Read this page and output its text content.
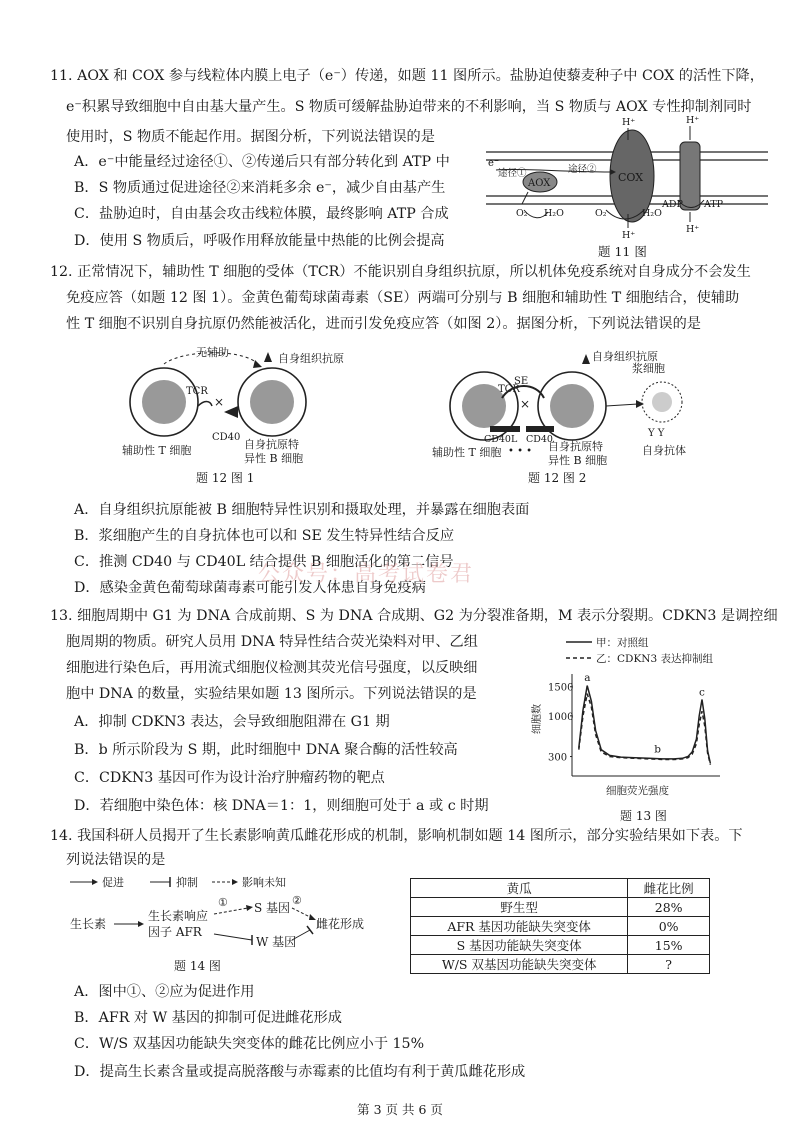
11. AOX 和 COX 参与线粒体内膜上电子（e⁻）传递，如题 11 图所示。盐胁迫使藜麦种子中 COX 的活性下降，
e⁻积累导致细胞中自由基大量产生。S 物质可缓解盐胁迫带来的不利影响，当 S 物质与 AOX 专性抑制剂同时
使用时，S 物质不能起作用。据图分析，下列说法错误的是
A．e⁻中能量经过途径①、②传递后只有部分转化到 ATP 中
B．S 物质通过促进途径②来消耗多余 e⁻，减少自由基产生
C．盐胁迫时，自由基会攻击线粒体膜，最终影响 ATP 合成
D．使用 S 物质后，呼吸作用释放能量中热能的比例会提高
COX
AOX
e⁻
途径①	途径②
O₂ H₂O	O₂	H₂O
ADP ATP
H⁺	H⁺
H⁺
H⁺
题 11 图
12. 正常情况下，辅助性 T 细胞的受体（TCR）不能识别自身组织抗原，所以机体免疫系统对自身成分不会发生
免疫应答（如题 12 图 1）。金黄色葡萄球菌毒素（SE）两端可分别与 B 细胞和辅助性 T 细胞结合，使辅助
性 T 细胞不识别自身抗原仍然能被活化，进而引发免疫应答（如图 2）。据图分析，下列说法错误的是
无辅助	自身组织抗原
TCR
×
CD40
辅助性 T 细胞	自身抗原特
异性 B 细胞
题 12 图 1
自身组织抗原
TCR
SE
×
CD40L CD40
• • •
浆细胞
Y Y
辅助性 T 细胞	自身抗原特
异性 B 细胞
自身抗体
题 12 图 2
A．自身组织抗原能被 B 细胞特异性识别和摄取处理，并暴露在细胞表面
B．浆细胞产生的自身抗体也可以和 SE 发生特异性结合反应
C．推测 CD40 与 CD40L 结合提供 B 细胞活化的第二信号
D．感染金黄色葡萄球菌毒素可能引发人体患自身免疫病
公众号：高考试卷君
13. 细胞周期中 G1 为 DNA 合成前期、S 为 DNA 合成期、G2 为分裂准备期，M 表示分裂期。CDKN3 是调控细
胞周期的物质。研究人员用 DNA 特异性结合荧光染料对甲、乙组
细胞进行染色后，再用流式细胞仪检测其荧光信号强度，以反映细
胞中 DNA 的数量，实验结果如题 13 图所示。下列说法错误的是
A．抑制 CDKN3 表达，会导致细胞阻滞在 G1 期
B．b 所示阶段为 S 期，此时细胞中 DNA 聚合酶的活性较高
C．CDKN3 基因可作为设计治疗肿瘤药物的靶点
D．若细胞中染色体：核 DNA＝1：1，则细胞可处于 a 或 c 时期
甲：对照组
乙：CDKN3 表达抑制组
细胞数
细胞荧光强度
300
1000
1500
a
b
c
题 13 图
14. 我国科研人员揭开了生长素影响黄瓜雌花形成的机制，影响机制如题 14 图所示，部分实验结果如下表。下
列说法错误的是
促进	抑制	影响未知
生长素
生长素响应
因子 AFR
① S 基因
②
雌花形成
W 基因
题 14 图
黄瓜	雌花比例
野生型	28%
AFR 基因功能缺失突变体	0%
S 基因功能缺失突变体	15%
W/S 双基因功能缺失突变体	?
A．图中①、②应为促进作用
B．AFR 对 W 基因的抑制可促进雌花形成
C．W/S 双基因功能缺失突变体的雌花比例应小于 15%
D．提高生长素含量或提高脱落酸与赤霉素的比值均有利于黄瓜雌花形成
第 3 页 共 6 页
